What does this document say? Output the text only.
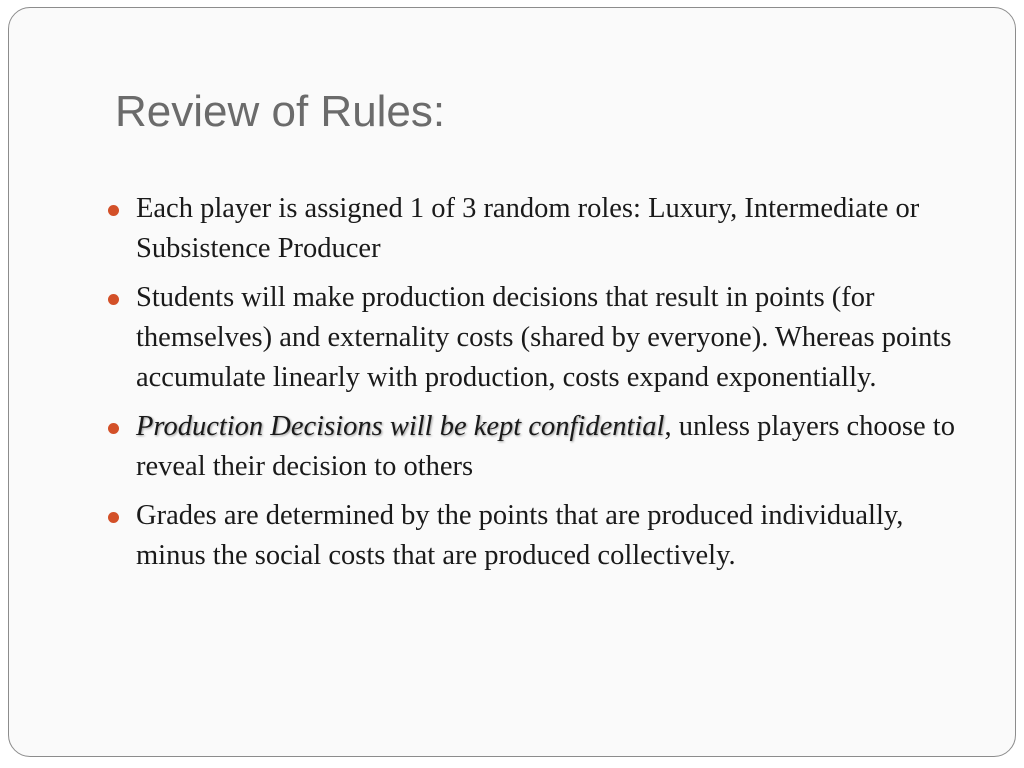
Review of Rules:
Each player is assigned 1 of 3 random roles: Luxury, Intermediate or Subsistence Producer
Students will make production decisions that result in points (for themselves) and externality costs (shared by everyone). Whereas points accumulate linearly with production, costs expand exponentially.
Production Decisions will be kept confidential, unless players choose to reveal their decision to others
Grades are determined by the points that are produced individually, minus the social costs that are produced collectively.
